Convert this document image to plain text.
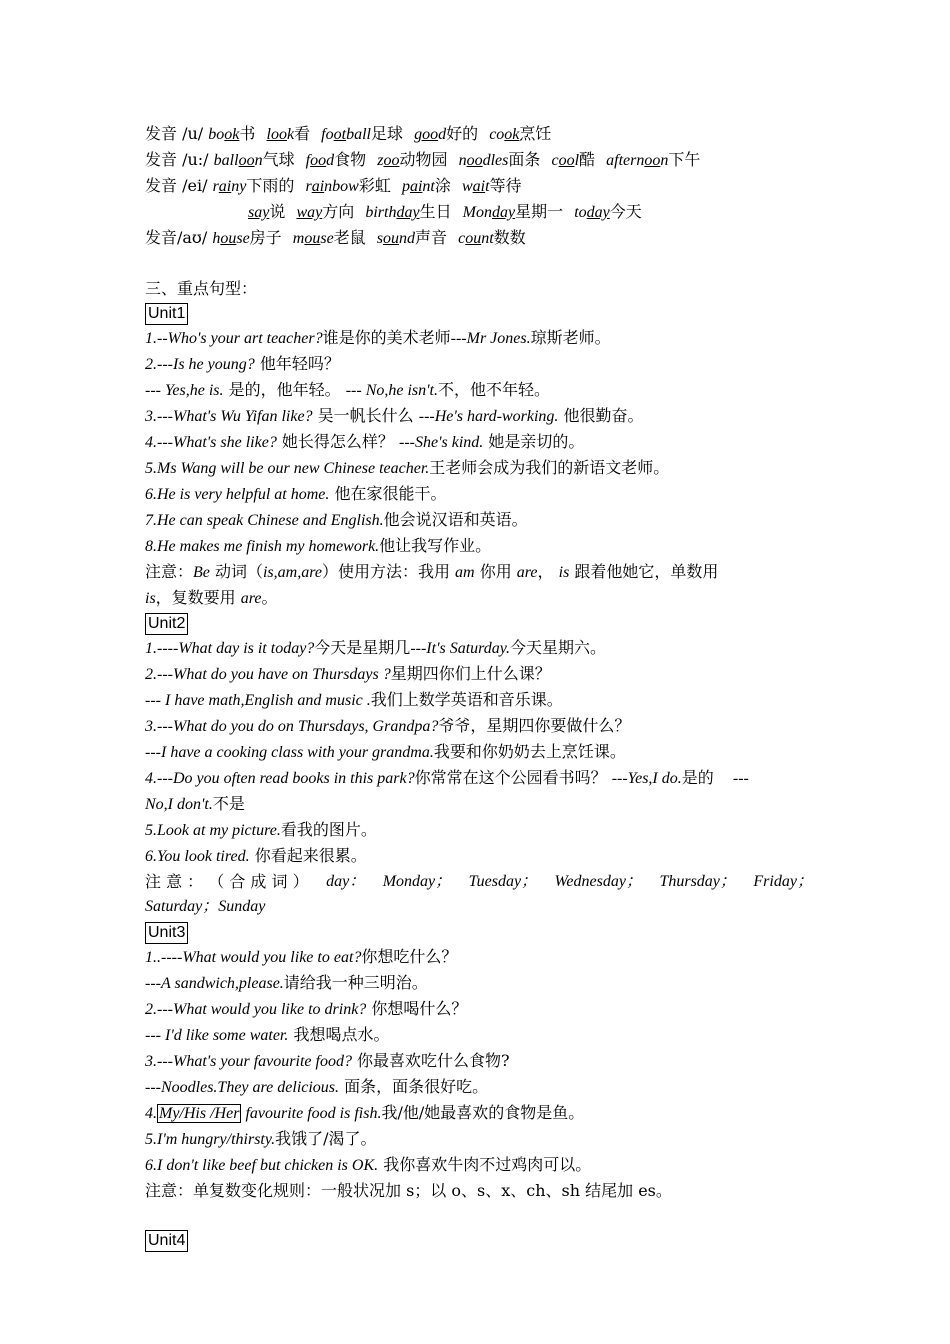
发音 /u/ book书 look看 football足球 good好的 cook烹饪
发音 /u:/ balloon气球 food食物 zoo动物园 noodles面条 cool酷 afternoon下午
发音 /ei/ rainy下雨的 rainbow彩虹 paint涂 wait等待
say说 way方向 birthday生日 Monday星期一 today今天
发音/aʊ/ house房子 mouse老鼠 sound声音 count数数
三、重点句型：
Unit1
1.--Who's your art teacher?谁是你的美术老师---Mr Jones.琼斯老师。
2.---Is he young? 他年轻吗？
--- Yes,he is. 是的，他年轻。 --- No,he isn't.不，他不年轻。
3.---What's Wu Yifan like? 吴一帆长什么 ---He's hard-working. 他很勤奋。
4.---What's she like? 她长得怎么样？ ---She's kind. 她是亲切的。
5.Ms Wang will be our new Chinese teacher.王老师会成为我们的新语文老师。
6.He is very helpful at home. 他在家很能干。
7.He can speak Chinese and English.他会说汉语和英语。
8.He makes me finish my homework.他让我写作业。
注意：Be 动词（is,am,are）使用方法：我用 am 你用 are， is 跟着他她它，单数用
is，复数要用 are。
Unit2
1.----What day is it today?今天是星期几---It's Saturday.今天星期六。
2.---What do you have on Thursdays ?星期四你们上什么课？
--- I have math,English and music .我们上数学英语和音乐课。
3.---What do you do on Thursdays, Grandpa?爷爷，星期四你要做什么？
---I have a cooking class with your grandma.我要和你奶奶去上烹饪课。
4.---Do you often read books in this park?你常常在这个公园看书吗？ ---Yes,I do.是的 ---
No,I don't.不是
5.Look at my picture.看我的图片。
6.You look tired. 你看起来很累。
注 意 ： （ 合 成 词 ） day： Monday； Tuesday； Wednesday； Thursday； Friday；
Saturday；Sunday
Unit3
1..----What would you like to eat?你想吃什么？
---A sandwich,please.请给我一种三明治。
2.---What would you like to drink? 你想喝什么？
--- I'd like some water. 我想喝点水。
3.---What's your favourite food? 你最喜欢吃什么食物?
---Noodles.They are delicious. 面条，面条很好吃。
4. My/His /Her favourite food is fish.我/他/她最喜欢的食物是鱼。
5.I'm hungry/thirsty.我饿了/渴了。
6.I don't like beef but chicken is OK. 我你喜欢牛肉不过鸡肉可以。
注意：单复数变化规则：一般状况加 s；以 o、s、x、ch、sh 结尾加 es。
Unit4
